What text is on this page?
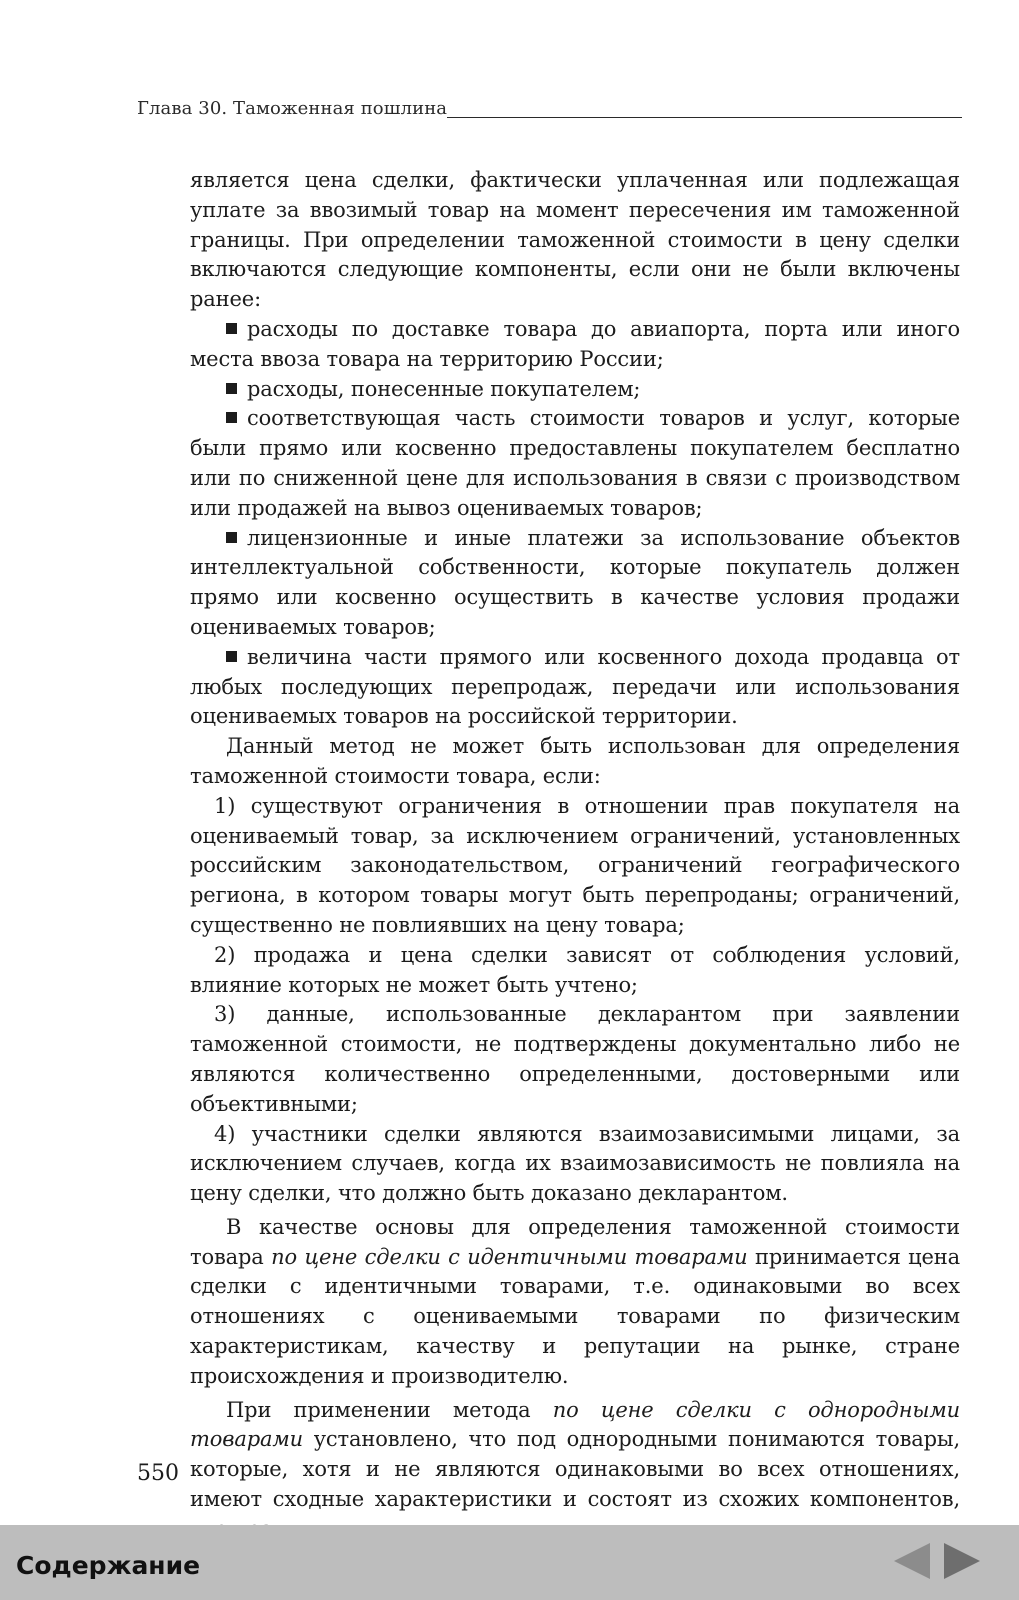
Глава 30. Таможенная пошлина

является цена сделки, фактически уплаченная или подлежащая уплате за ввозимый товар на момент пересечения им таможенной границы. При определении таможенной стоимости в цену сделки включаются следующие компоненты, если они не были включены ранее:

расходы по доставке товара до авиапорта, порта или иного места ввоза товара на территорию России;

расходы, понесенные покупателем;

соответствующая часть стоимости товаров и услуг, которые были прямо или косвенно предоставлены покупателем бесплатно или по сниженной цене для использования в связи с производством или продажей на вывоз оцениваемых товаров;

лицензионные и иные платежи за использование объектов интеллектуальной собственности, которые покупатель должен прямо или косвенно осуществить в качестве условия продажи оцениваемых товаров;

величина части прямого или косвенного дохода продавца от любых последующих перепродаж, передачи или использования оцениваемых товаров на российской территории.

Данный метод не может быть использован для определения таможенной стоимости товара, если:

1) существуют ограничения в отношении прав покупателя на оцениваемый товар, за исключением ограничений, установленных российским законодательством, ограничений географического региона, в котором товары могут быть перепроданы; ограничений, существенно не повлиявших на цену товара;

2) продажа и цена сделки зависят от соблюдения условий, влияние которых не может быть учтено;

3) данные, использованные декларантом при заявлении таможенной стоимости, не подтверждены документально либо не являются количественно определенными, достоверными или объективными;

4) участники сделки являются взаимозависимыми лицами, за исключением случаев, когда их взаимозависимость не повлияла на цену сделки, что должно быть доказано декларантом.

В качестве основы для определения таможенной стоимости товара по цене сделки с идентичными товарами принимается цена сделки с идентичными товарами, т.е. одинаковыми во всех отношениях с оцениваемыми товарами по физическим характеристикам, качеству и репутации на рынке, стране происхождения и производителю.

При применении метода по цене сделки с однородными товарами установлено, что под однородными понимаются товары, которые, хотя и не являются одинаковыми во всех отношениях, имеют сходные характеристики и состоят из схожих компонентов,

550
Содержание
